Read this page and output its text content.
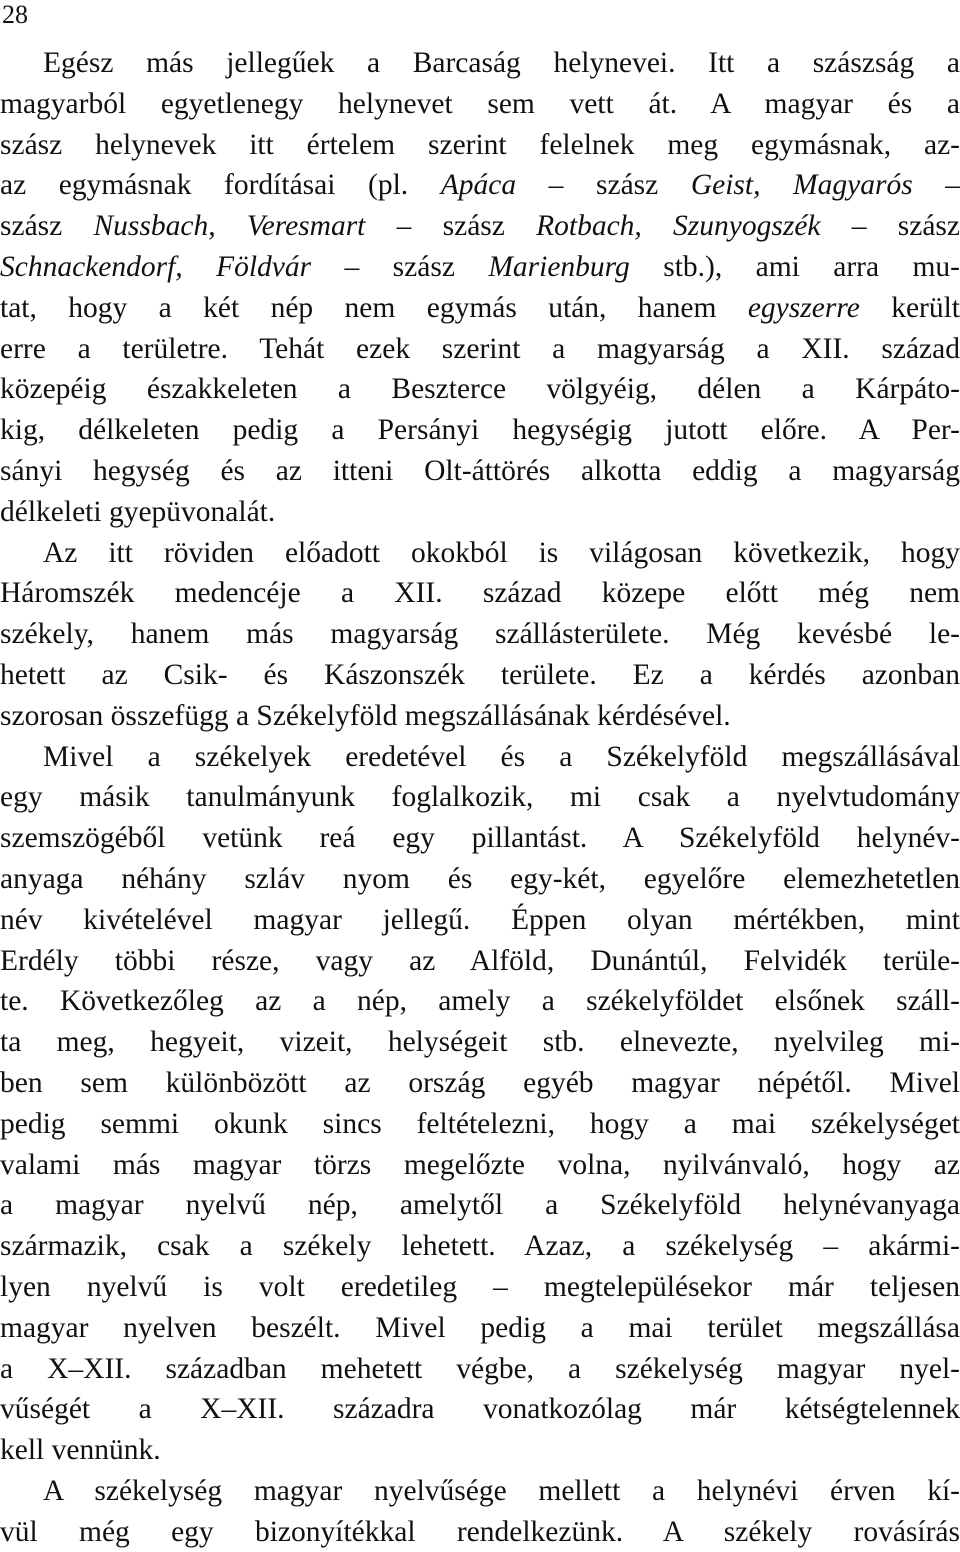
28
Egész más jellegűek a Barcaság helynevei. Itt a szászság a
magyarból egyetlenegy helynevet sem vett át. A magyar és a
szász helynevek itt értelem szerint felelnek meg egymásnak, az-
az egymásnak fordításai (pl. Apáca – szász Geist, Magyarós –
szász Nussbach, Veresmart – szász Rotbach, Szunyogszék – szász
Schnackendorf, Földvár – szász Marienburg stb.), ami arra mu-
tat, hogy a két nép nem egymás után, hanem egyszerre került
erre a területre. Tehát ezek szerint a magyarság a XII. század
közepéig északkeleten a Beszterce völgyéig, délen a Kárpáto-
kig, délkeleten pedig a Persányi hegységig jutott előre. A Per-
sányi hegység és az itteni Olt-áttörés alkotta eddig a magyarság
délkeleti gyepüvonalát.
Az itt röviden előadott okokból is világosan következik, hogy
Háromszék medencéje a XII. század közepe előtt még nem
székely, hanem más magyarság szállásterülete. Még kevésbé le-
hetett az Csik- és Kászonszék területe. Ez a kérdés azonban
szorosan összefügg a Székelyföld megszállásának kérdésével.
Mivel a székelyek eredetével és a Székelyföld megszállásával
egy másik tanulmányunk foglalkozik, mi csak a nyelvtudomány
szemszögéből vetünk reá egy pillantást. A Székelyföld helynév-
anyaga néhány szláv nyom és egy-két, egyelőre elemezhetetlen
név kivételével magyar jellegű. Éppen olyan mértékben, mint
Erdély többi része, vagy az Alföld, Dunántúl, Felvidék terüle-
te. Következőleg az a nép, amely a székelyföldet elsőnek száll-
ta meg, hegyeit, vizeit, helységeit stb. elnevezte, nyelvileg mi-
ben sem különbözött az ország egyéb magyar népétől. Mivel
pedig semmi okunk sincs feltételezni, hogy a mai székelységet
valami más magyar törzs megelőzte volna, nyilvánvaló, hogy az
a magyar nyelvű nép, amelytől a Székelyföld helynévanyaga
származik, csak a székely lehetett. Azaz, a székelység – akármi-
lyen nyelvű is volt eredetileg – megtelepülésekor már teljesen
magyar nyelven beszélt. Mivel pedig a mai terület megszállása
a X–XII. században mehetett végbe, a székelység magyar nyel-
vűségét a X–XII. századra vonatkozólag már kétségtelennek
kell vennünk.
A székelység magyar nyelvűsége mellett a helynévi érven kí-
vül még egy bizonyítékkal rendelkezünk. A székely rovásírás
